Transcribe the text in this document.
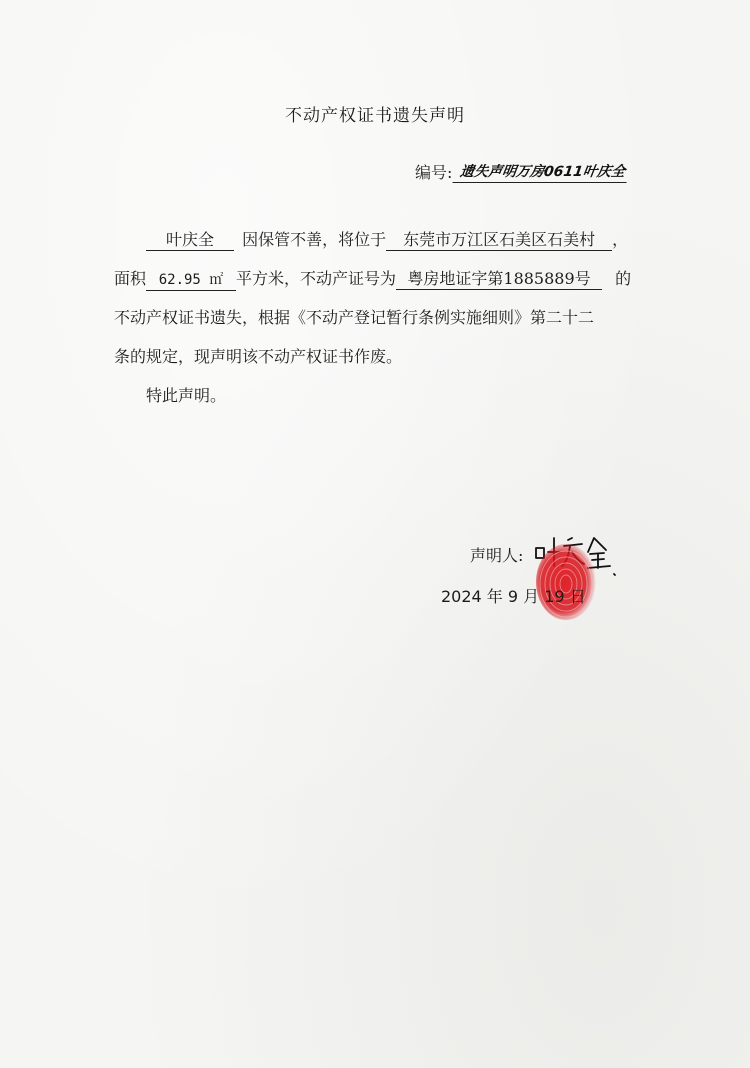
不动产权证书遗失声明
编号: 遗失声明万房0611叶庆全
叶庆全 因保管不善，将位于 东莞市万江区石美区石美村 ，
面积 62.95 ㎡ 平方米，不动产证号为 粤房地证字第1885889号 的
不动产权证书遗失，根据《不动产登记暂行条例实施细则》第二十二
条的规定，现声明该不动产权证书作废。
特此声明。
声明人:
2024 年 9 月 19 日
